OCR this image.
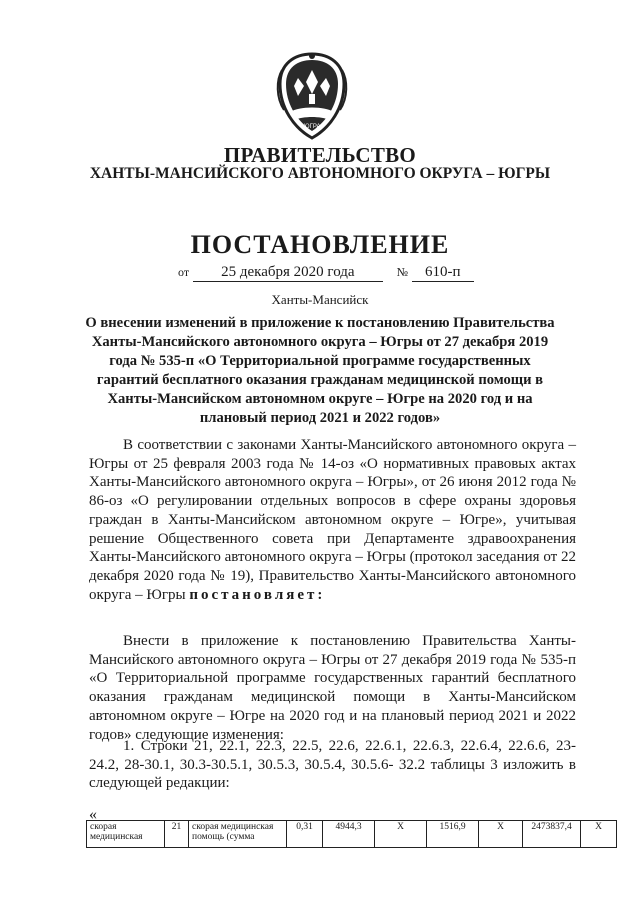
ЮГРА
ПРАВИТЕЛЬСТВО
ХАНТЫ-МАНСИЙСКОГО АВТОНОМНОГО ОКРУГА – ЮГРЫ
ПОСТАНОВЛЕНИЕ
от 25 декабря 2020 года	№ 610-п
Ханты-Мансийск
О внесении изменений в приложение к постановлению Правительства Ханты-Мансийского автономного округа – Югры от 27 декабря 2019 года № 535-п «О Территориальной программе государственных гарантий бесплатного оказания гражданам медицинской помощи в Ханты-Мансийском автономном округе – Югре на 2020 год и на плановый период 2021 и 2022 годов»
В соответствии с законами Ханты-Мансийского автономного округа – Югры от 25 февраля 2003 года № 14-оз «О нормативных правовых актах Ханты-Мансийского автономного округа – Югры», от 26 июня 2012 года № 86-оз «О регулировании отдельных вопросов в сфере охраны здоровья граждан в Ханты-Мансийском автономном округе – Югре», учитывая решение Общественного совета при Департаменте здравоохранения Ханты-Мансийского автономного округа – Югры (протокол заседания от 22 декабря 2020 года № 19), Правительство Ханты-Мансийского автономного округа – Югры постановляет:
Внести в приложение к постановлению Правительства Ханты-Мансийского автономного округа – Югры от 27 декабря 2019 года № 535-п «О Территориальной программе государственных гарантий бесплатного оказания гражданам медицинской помощи в Ханты-Мансийском автономном округе – Югре на 2020 год и на плановый период 2021 и 2022 годов» следующие изменения:
1. Строки 21, 22.1, 22.3, 22.5, 22.6, 22.6.1, 22.6.3, 22.6.4, 22.6.6, 23-24.2, 28-30.1, 30.3-30.5.1, 30.5.3, 30.5.4, 30.5.6- 32.2 таблицы 3 изложить в следующей редакции:
«
скорая медицинская	21	скорая медицинская помощь (сумма	0,31	4944,3	Х	1516,9	Х	2473837,4	Х
